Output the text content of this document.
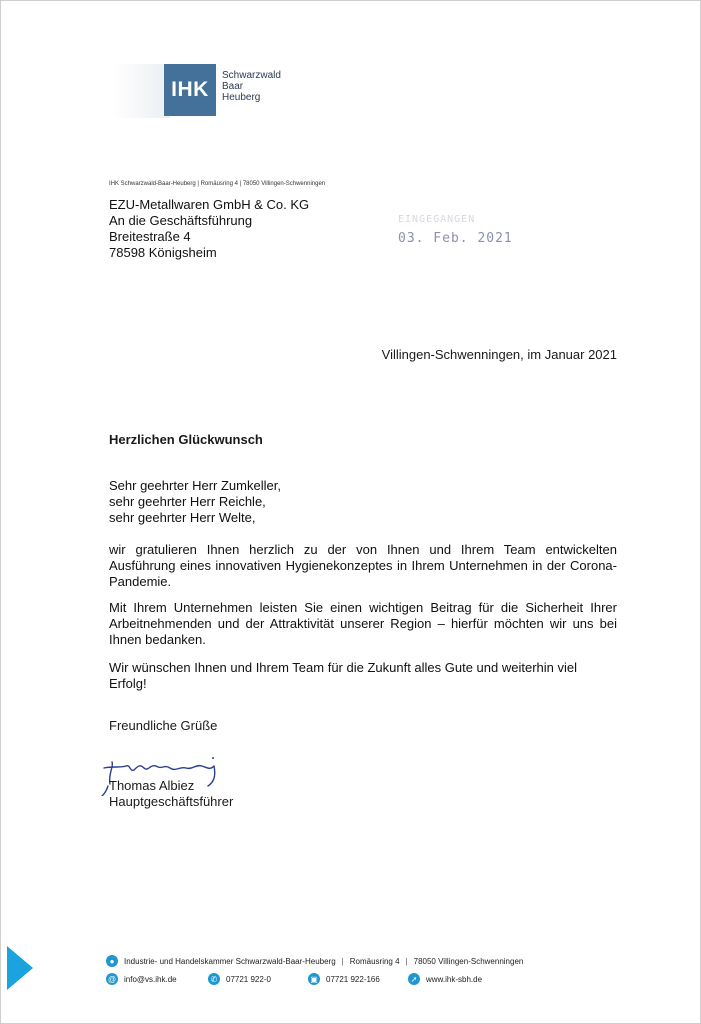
IHK
Schwarzwald
Baar
Heuberg
IHK Schwarzwald-Baar-Heuberg | Romäusring 4 | 78050 Villingen-Schwenningen
EZU-Metallwaren GmbH & Co. KG
An die Geschäftsführung
Breitestraße 4
78598 Königsheim
EINGEGANGEN
03. Feb. 2021
Villingen-Schwenningen, im Januar 2021
Herzlichen Glückwunsch
Sehr geehrter Herr Zumkeller,
sehr geehrter Herr Reichle,
sehr geehrter Herr Welte,
wir gratulieren Ihnen herzlich zu der von Ihnen und Ihrem Team entwickelten Ausführung eines innovativen Hygienekonzeptes in Ihrem Unternehmen in der Corona-Pandemie.
Mit Ihrem Unternehmen leisten Sie einen wichtigen Beitrag für die Sicherheit Ihrer Arbeitnehmenden und der Attraktivität unserer Region – hierfür möchten wir uns bei Ihnen bedanken.
Wir wünschen Ihnen und Ihrem Team für die Zukunft alles Gute und weiterhin viel Erfolg!
Freundliche Grüße
Thomas Albiez
Hauptgeschäftsführer
●	Industrie- und Handelskammer Schwarzwald-Baar-Heuberg | Romäusring 4 | 78050 Villingen-Schwenningen
@ info@vs.ihk.de	✆	07721 922-0	▣ 07721 922-166	➚	www.ihk-sbh.de
